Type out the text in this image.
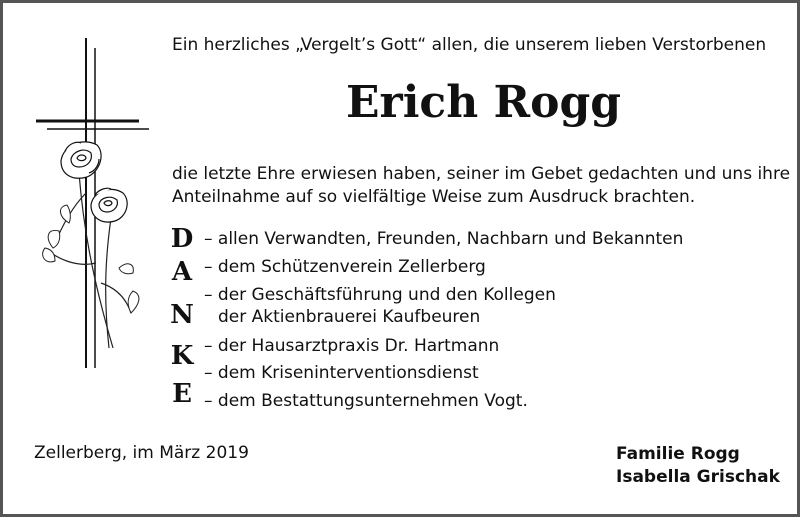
Ein herzliches „Vergelt’s Gott“ allen, die unserem lieben Verstorbenen
Erich Rogg
die letzte Ehre erwiesen haben, seiner im Gebet gedachten und uns ihre
Anteilnahme auf so vielfältige Weise zum Ausdruck brachten.
D
A
N
K
E
– allen Verwandten, Freunden, Nachbarn und Bekannten
– dem Schützenverein Zellerberg
– der Geschäftsführung und den Kollegen
der Aktienbrauerei Kaufbeuren
– der Hausarztpraxis Dr. Hartmann
– dem Kriseninterventionsdienst
– dem Bestattungsunternehmen Vogt.
Zellerberg, im März 2019	Familie Rogg
Isabella Grischak
